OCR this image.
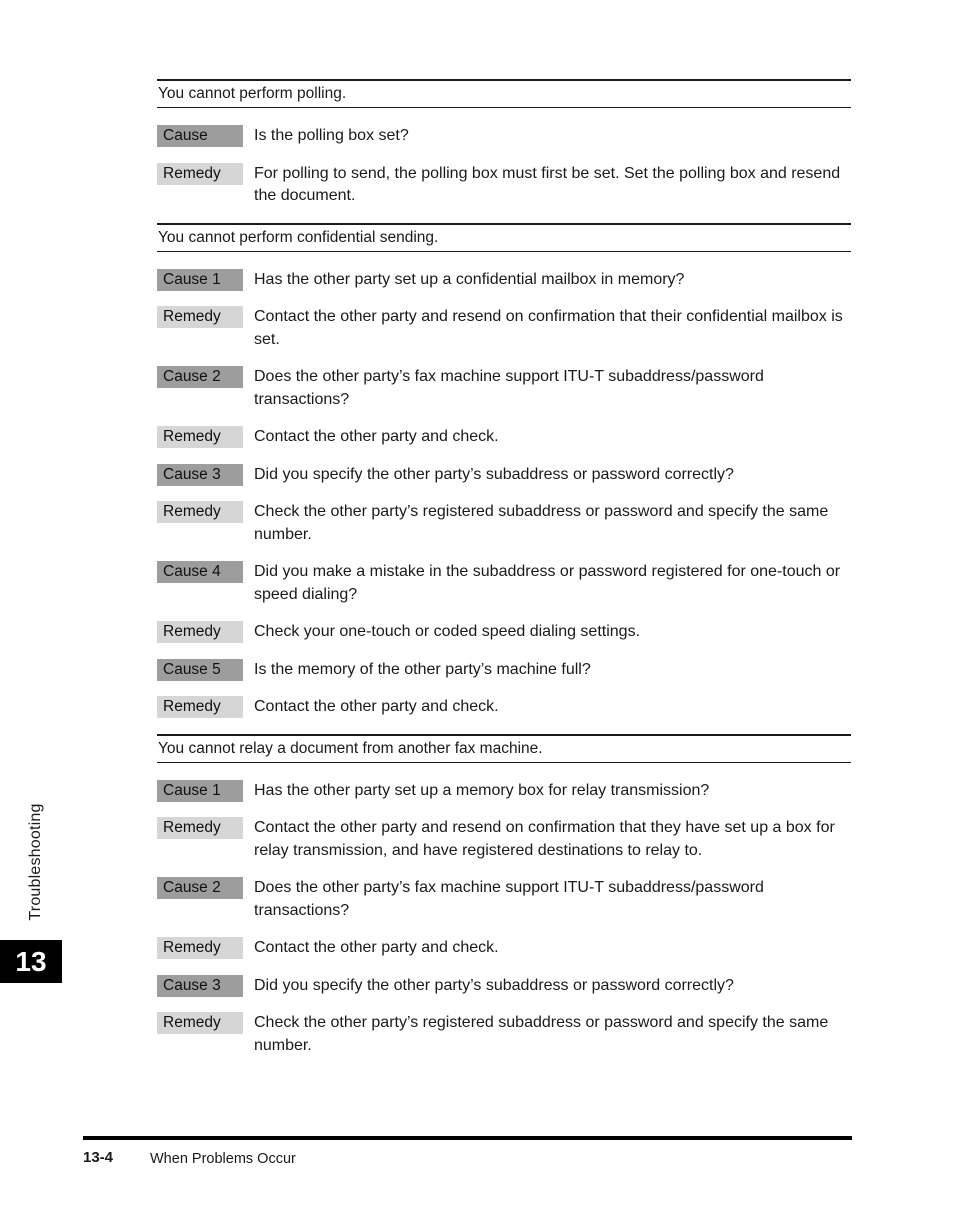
You cannot perform polling.
Cause	Is the polling box set?
Remedy	For polling to send, the polling box must first be set. Set the polling box and resend the document.
You cannot perform confidential sending.
Cause 1	Has the other party set up a confidential mailbox in memory?
Remedy	Contact the other party and resend on confirmation that their confidential mailbox is set.
Cause 2	Does the other party’s fax machine support ITU-T subaddress/password transactions?
Remedy	Contact the other party and check.
Cause 3	Did you specify the other party’s subaddress or password correctly?
Remedy	Check the other party’s registered subaddress or password and specify the same number.
Cause 4	Did you make a mistake in the subaddress or password registered for one-touch or speed dialing?
Remedy	Check your one-touch or coded speed dialing settings.
Cause 5	Is the memory of the other party’s machine full?
Remedy	Contact the other party and check.
You cannot relay a document from another fax machine.
Cause 1	Has the other party set up a memory box for relay transmission?
Remedy	Contact the other party and resend on confirmation that they have set up a box for relay transmission, and have registered destinations to relay to.
Cause 2	Does the other party’s fax machine support ITU-T subaddress/password transactions?
Remedy	Contact the other party and check.
Cause 3	Did you specify the other party’s subaddress or password correctly?
Remedy	Check the other party’s registered subaddress or password and specify the same number.
Troubleshooting
13
13-4	When Problems Occur
